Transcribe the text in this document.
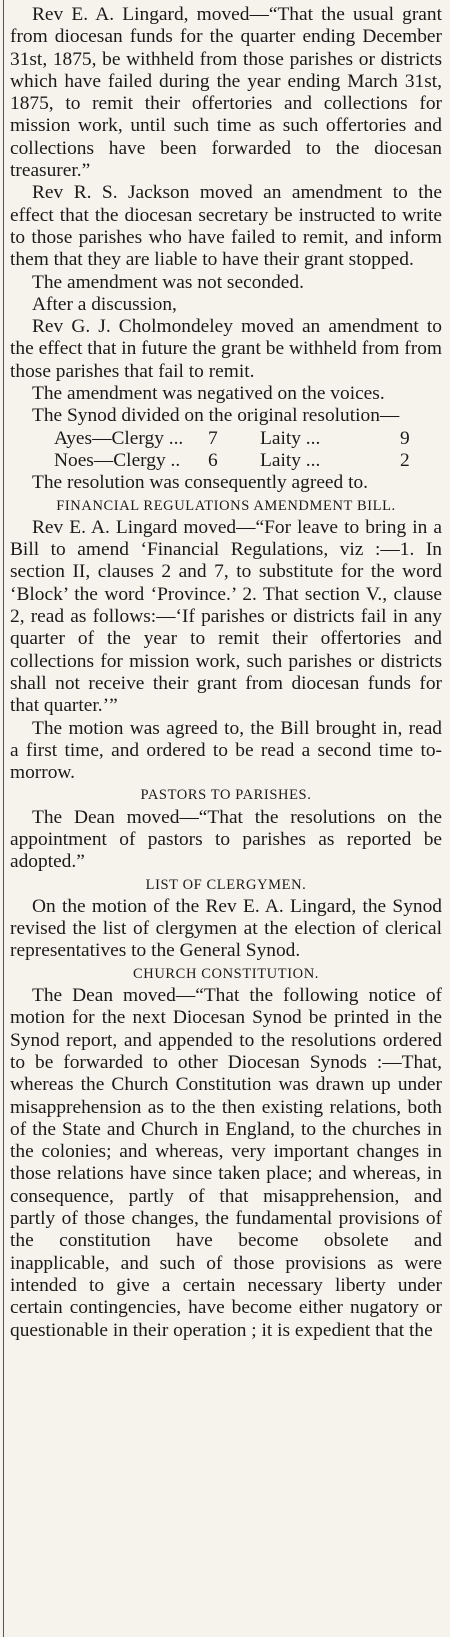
Rev E. A. Lingard, moved—“That the usual grant from diocesan funds for the quarter ending December 31st, 1875, be withheld from those parishes or districts which have failed during the year ending March 31st, 1875, to remit their offertories and collections for mission work, until such time as such offertories and collections have been forwarded to the diocesan treasurer.”

Rev R. S. Jackson moved an amendment to the effect that the diocesan secretary be instructed to write to those parishes who have failed to remit, and inform them that they are liable to have their grant stopped.

The amendment was not seconded.

After a discussion,

Rev G. J. Cholmondeley moved an amendment to the effect that in future the grant be withheld from from those parishes that fail to remit.

The amendment was negatived on the voices.

The Synod divided on the original resolution—

Ayes—Clergy ...	7	Laity ...	9
Noes—Clergy ..	6	Laity ...	2

The resolution was consequently agreed to.

FINANCIAL REGULATIONS AMENDMENT BILL.

Rev E. A. Lingard moved—“For leave to bring in a Bill to amend ‘Financial Regulations, viz :—1. In section II, clauses 2 and 7, to substitute for the word ‘Block’ the word ‘Province.’ 2. That section V., clause 2, read as follows:—‘If parishes or districts fail in any quarter of the year to remit their offertories and collections for mission work, such parishes or districts shall not receive their grant from diocesan funds for that quarter.’”

The motion was agreed to, the Bill brought in, read a first time, and ordered to be read a second time to-morrow.

PASTORS TO PARISHES.

The Dean moved—“That the resolutions on the appointment of pastors to parishes as reported be adopted.”

LIST OF CLERGYMEN.

On the motion of the Rev E. A. Lingard, the Synod revised the list of clergymen at the election of clerical representatives to the General Synod.

CHURCH CONSTITUTION.

The Dean moved—“That the following notice of motion for the next Diocesan Synod be printed in the Synod report, and appended to the resolutions ordered to be forwarded to other Diocesan Synods :—That, whereas the Church Constitution was drawn up under misapprehension as to the then existing relations, both of the State and Church in England, to the churches in the colonies; and whereas, very important changes in those relations have since taken place; and whereas, in consequence, partly of that misapprehension, and partly of those changes, the fundamental provisions of the constitution have become obsolete and inapplicable, and such of those provisions as were intended to give a certain necessary liberty under certain contingencies, have become either nugatory or questionable in their operation ; it is expedient that the
